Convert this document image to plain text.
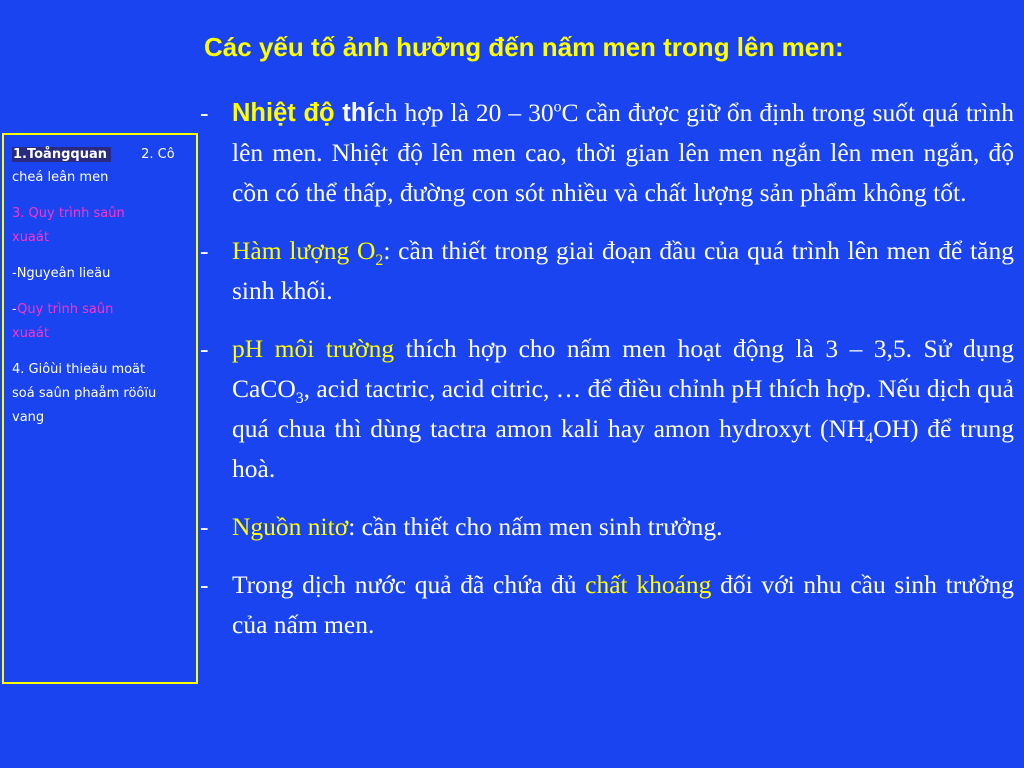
1.Toångquan	2. Cô
cheá leân men
3. Quy trình saûn
xuaát
-Nguyeân lieäu
-Quy trình saûn
xuaát
4. Giôùi thieäu moät
soá saûn phaåm röôïu
vang
Các yếu tố ảnh hưởng đến nấm men trong lên men:
- Nhiệt độ thích hợp là 20 – 30$^o$C cần được giữ ổn định trong suốt quá trình lên men. Nhiệt độ lên men cao, thời gian lên men ngắn lên men ngắn, độ cồn có thể thấp, đường con sót nhiều và chất lượng sản phẩm không tốt.
- Hàm lượng $O_2$: cần thiết trong giai đoạn đầu của quá trình lên men để tăng sinh khối.
- pH môi trường thích hợp cho nấm men hoạt động là 3 – 3,5. Sử dụng CaCO$_3$, acid tactric, acid citric, … để điều chỉnh pH thích hợp. Nếu dịch quả quá chua thì dùng tactra amon kali hay amon hydroxyt $(NH_4OH)$ để trung hoà.
- Nguồn nitơ: cần thiết cho nấm men sinh trưởng.
- Trong dịch nước quả đã chứa đủ chất khoáng đối với nhu cầu sinh trưởng của nấm men.
